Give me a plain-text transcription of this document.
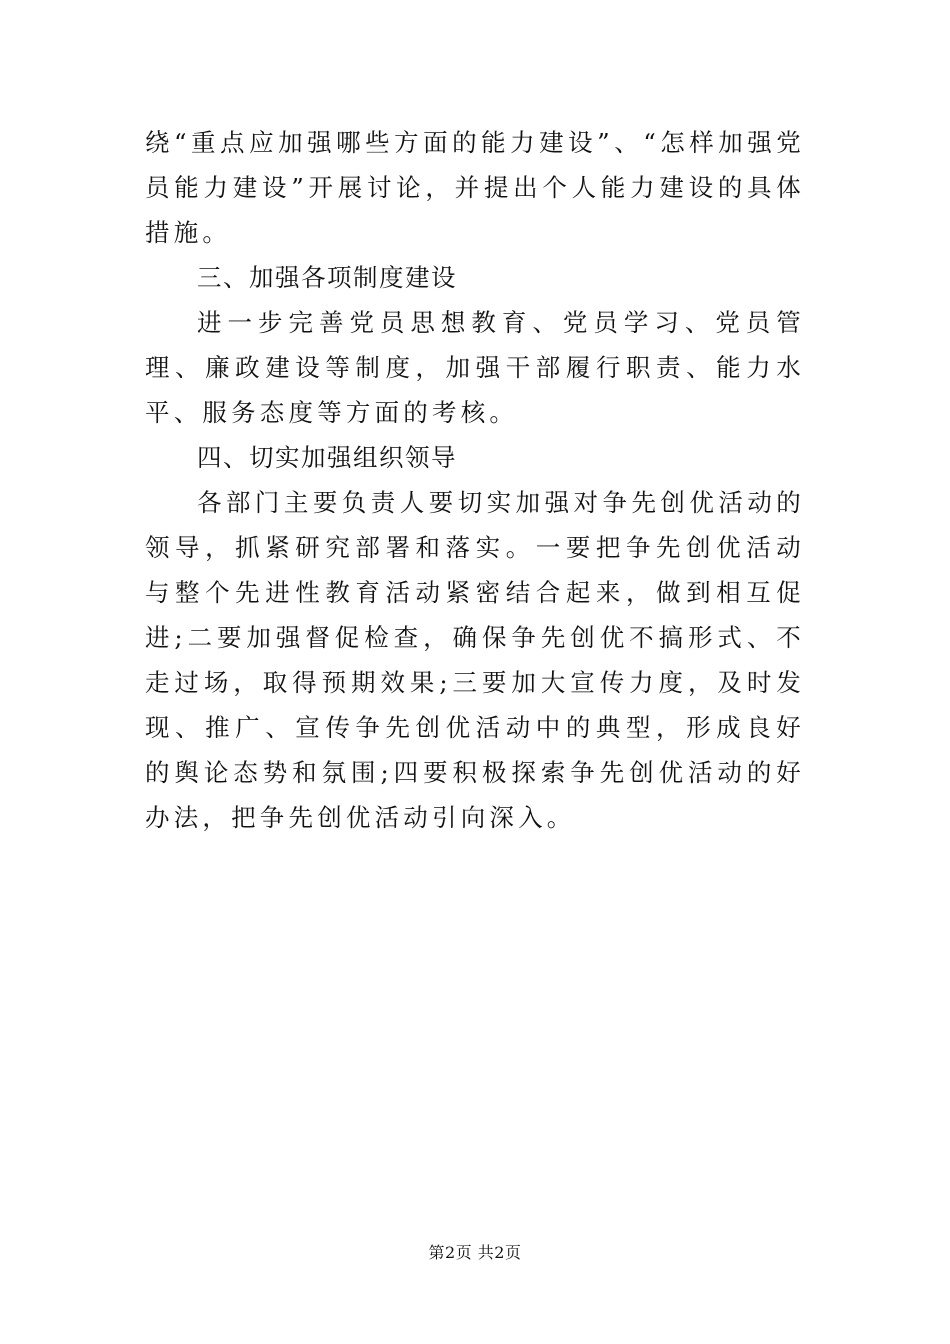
绕“重点应加强哪些方面的能力建设”、“怎样加强党员能力建设”开展讨论，并提出个人能力建设的具体措施。

三、加强各项制度建设

进一步完善党员思想教育、党员学习、党员管理、廉政建设等制度，加强干部履行职责、能力水平、服务态度等方面的考核。

四、切实加强组织领导

各部门主要负责人要切实加强对争先创优活动的领导，抓紧研究部署和落实。一要把争先创优活动与整个先进性教育活动紧密结合起来，做到相互促进;二要加强督促检查，确保争先创优不搞形式、不走过场，取得预期效果;三要加大宣传力度，及时发现、推广、宣传争先创优活动中的典型，形成良好的舆论态势和氛围;四要积极探索争先创优活动的好办法，把争先创优活动引向深入。

第2页 共2页
